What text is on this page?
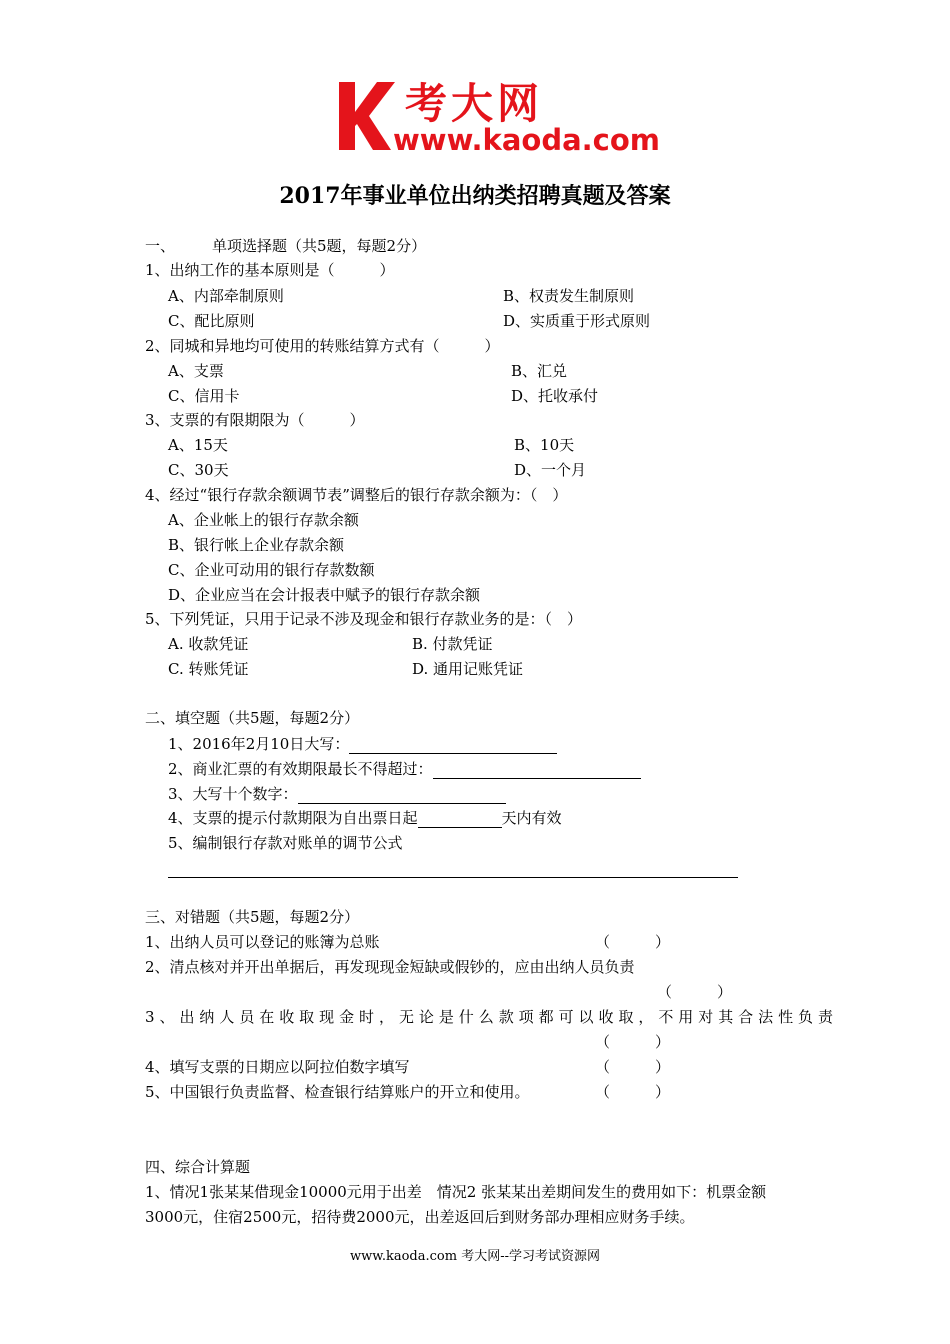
考大网
www.kaoda.com
2017年事业单位出纳类招聘真题及答案
一、 单项选择题（共5题，每题2分）
1、出纳工作的基本原则是（　　　）
A、内部牵制原则	B、权责发生制原则
C、配比原则	D、实质重于形式原则
2、同城和异地均可使用的转账结算方式有（　　　）
A、支票	B、汇兑
C、信用卡	D、托收承付
3、支票的有限期限为（　　　）
A、15天	B、10天
C、30天	D、一个月
4、经过“银行存款余额调节表”调整后的银行存款余额为：（　）
A、企业帐上的银行存款余额
B、银行帐上企业存款余额
C、企业可动用的银行存款数额
D、企业应当在会计报表中赋予的银行存款余额
5、下列凭证，只用于记录不涉及现金和银行存款业务的是：（　）
A. 收款凭证	B. 付款凭证
C. 转账凭证	D. 通用记账凭证
二、填空题（共5题，每题2分）
1、2016年2月10日大写：
2、商业汇票的有效期限最长不得超过：
3、大写十个数字：
4、支票的提示付款期限为自出票日起	天内有效
5、编制银行存款对账单的调节公式
三、对错题（共5题，每题2分）
1、出纳人员可以登记的账簿为总账	（　　　）
2、清点核对并开出单据后，再发现现金短缺或假钞的，应由出纳人员负责
（　　　）
3、出纳人员在收取现金时，无论是什么款项都可以收取，不用对其合法性负责
（　　　）
4、填写支票的日期应以阿拉伯数字填写	（　　　）
5、中国银行负责监督、检查银行结算账户的开立和使用。	（　　　）
四、综合计算题
1、情况1张某某借现金10000元用于出差　情况2 张某某出差期间发生的费用如下：机票金额
3000元，住宿2500元，招待费2000元，出差返回后到财务部办理相应财务手续。
www.kaoda.com 考大网--学习考试资源网
